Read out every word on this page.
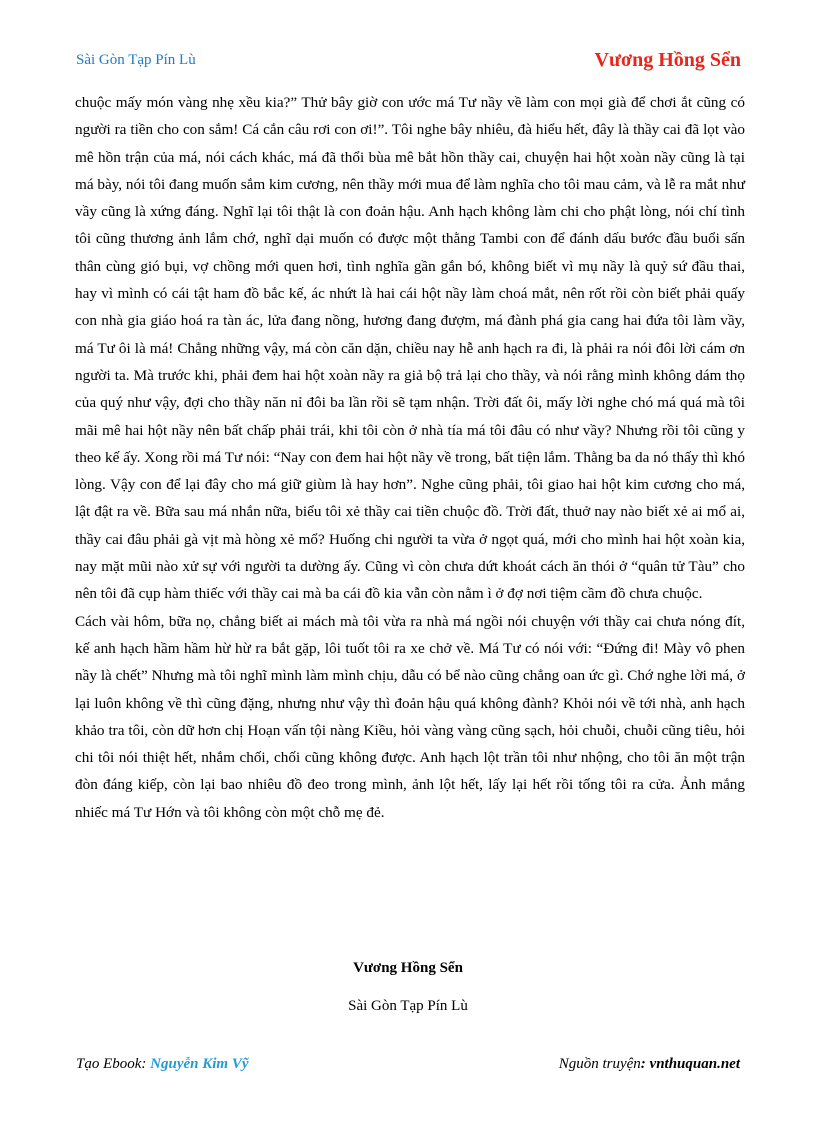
Sài Gòn Tạp Pín Lù	Vương Hồng Sển

chuộc mấy món vàng nhẹ xều kia?” Thử bây giờ con ước má Tư nầy về làm con mọi già để chơi ắt cũng có người ra tiền cho con sắm! Cá cắn câu rơi con ơi!”. Tôi nghe bây nhiêu, đà hiểu hết, đây là thầy cai đã lọt vào mê hồn trận của má, nói cách khác, má đã thổi bùa mê bắt hồn thầy cai, chuyện hai hột xoàn nầy cũng là tại má bày, nói tôi đang muốn sắm kim cương, nên thầy mới mua để làm nghĩa cho tôi mau cảm, và lễ ra mắt như vầy cũng là xứng đáng. Nghĩ lại tôi thật là con đoản hậu. Anh hạch không làm chi cho phật lòng, nói chí tình tôi cũng thương ảnh lắm chớ, nghĩ dại muốn có được một thằng Tambi con để đánh dấu bước đầu buổi sấn thân cùng gió bụi, vợ chồng mới quen hơi, tình nghĩa gần gắn bó, không biết vì mụ nầy là quỷ sứ đầu thai, hay vì mình có cái tật ham đồ bắc kế, ác nhứt là hai cái hột nầy làm choá mắt, nên rốt rồi còn biết phải quấy con nhà gia giáo hoá ra tàn ác, lửa đang nồng, hương đang đượm, má đành phá gia cang hai đứa tôi làm vầy, má Tư ôi là má! Chẳng những vậy, má còn căn dặn, chiều nay hễ anh hạch ra đi, là phải ra nói đôi lời cám ơn người ta. Mà trước khi, phải đem hai hột xoàn nầy ra giả bộ trả lại cho thầy, và nói rằng mình không dám thọ của quý như vậy, đợi cho thầy năn nỉ đôi ba lần rồi sẽ tạm nhận. Trời đất ôi, mấy lời nghe chó má quá mà tôi mãi mê hai hột nầy nên bất chấp phải trái, khi tôi còn ở nhà tía má tôi đâu có như vầy? Nhưng rồi tôi cũng y theo kế ấy. Xong rồi má Tư nói: “Nay con đem hai hột nầy về trong, bất tiện lắm. Thằng ba da nó thấy thì khó lòng. Vậy con để lại đây cho má giữ giùm là hay hơn”. Nghe cũng phải, tôi giao hai hột kim cương cho má, lật đật ra về. Bữa sau má nhắn nữa, biểu tôi xẻ thầy cai tiền chuộc đồ. Trời đất, thuở nay nào biết xẻ ai mổ ai, thầy cai đâu phải gà vịt mà hòng xẻ mổ? Huống chi người ta vừa ở ngọt quá, mới cho mình hai hột xoàn kia, nay mặt mũi nào xử sự với người ta dường ấy. Cũng vì còn chưa dứt khoát cách ăn thói ở “quân tử Tàu” cho nên tôi đã cụp hàm thiếc với thầy cai mà ba cái đồ kia vẫn còn nằm ì ở đợ nơi tiệm cầm đồ chưa chuộc.

Cách vài hôm, bữa nọ, chẳng biết ai mách mà tôi vừa ra nhà má ngồi nói chuyện với thầy cai chưa nóng đít, kế anh hạch hầm hầm hừ hừ ra bắt gặp, lôi tuốt tôi ra xe chở về. Má Tư có nói với: “Đứng đi! Mày vô phen nầy là chết” Nhưng mà tôi nghĩ mình làm mình chịu, dẫu có bể nào cũng chẳng oan ức gì. Chớ nghe lời má, ở lại luôn không về thì cũng đặng, nhưng như vậy thì đoản hậu quá không đành? Khỏi nói về tới nhà, anh hạch khảo tra tôi, còn dữ hơn chị Hoạn vấn tội nàng Kiều, hỏi vàng vàng cũng sạch, hỏi chuỗi, chuỗi cũng tiêu, hỏi chi tôi nói thiệt hết, nhắm chối, chối cũng không được. Anh hạch lột trần tôi như nhộng, cho tôi ăn một trận đòn đáng kiếp, còn lại bao nhiêu đồ đeo trong mình, ảnh lột hết, lấy lại hết rồi tống tôi ra cửa. Ảnh mắng nhiếc má Tư Hớn và tôi không còn một chỗ mẹ đẻ.

Vương Hồng Sển
Sài Gòn Tạp Pín Lù
Tạo Ebook: Nguyễn Kim Vỹ	Nguồn truyện: vnthuquan.net
